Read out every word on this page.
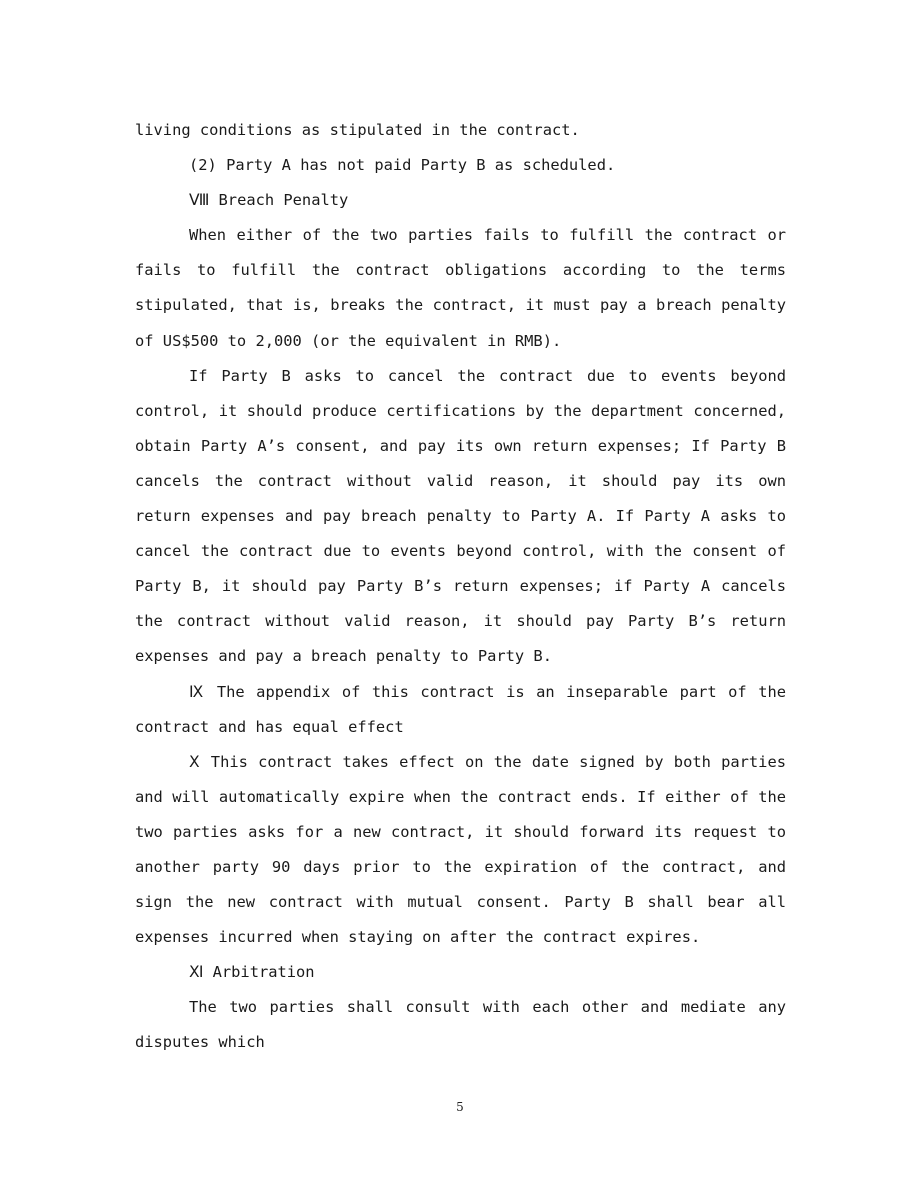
living conditions as stipulated in the contract.

(2) Party A has not paid Party B as scheduled.

Ⅷ Breach Penalty

When either of the two parties fails to fulfill the contract or fails to fulfill the contract obligations according to the terms stipulated, that is, breaks the contract, it must pay a breach penalty of US$500 to 2,000 (or the equivalent in RMB).

If Party B asks to cancel the contract due to events beyond control, it should produce certifications by the department concerned, obtain Party A’s consent, and pay its own return expenses; If Party B cancels the contract without valid reason, it should pay its own return expenses and pay breach penalty to Party A. If Party A asks to cancel the contract due to events beyond control, with the consent of Party B, it should pay Party B’s return expenses; if Party A cancels the contract without valid reason, it should pay Party B’s return expenses and pay a breach penalty to Party B.

Ⅸ The appendix of this contract is an inseparable part of the contract and has equal effect

Ⅹ This contract takes effect on the date signed by both parties and will automatically expire when the contract ends. If either of the two parties asks for a new contract, it should forward its request to another party 90 days prior to the expiration of the contract, and sign the new contract with mutual consent. Party B shall bear all expenses incurred when staying on after the contract expires.

Ⅺ Arbitration

The two parties shall consult with each other and mediate any disputes which

5
